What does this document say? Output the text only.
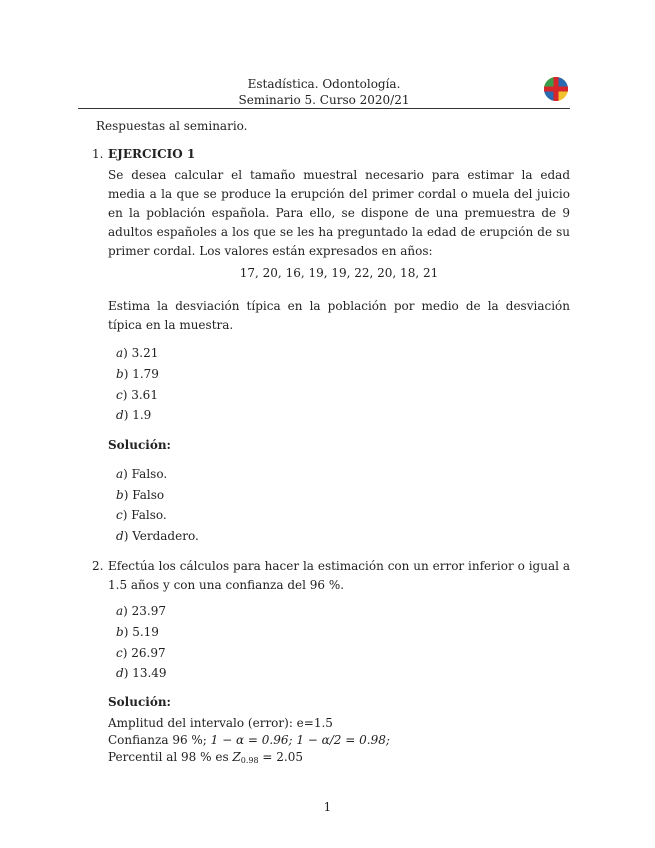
Estadística. Odontología.
Seminario 5. Curso 2020/21
Respuestas al seminario.
1. EJERCICIO 1
Se desea calcular el tamaño muestral necesario para estimar la edad media a la que se produce la erupción del primer cordal o muela del juicio en la población española. Para ello, se dispone de una premuestra de 9 adultos españoles a los que se les ha preguntado la edad de erupción de su primer cordal. Los valores están expresados en años:
17, 20, 16, 19, 19, 22, 20, 18, 21
Estima la desviación típica en la población por medio de la desviación típica en la muestra.
a) 3.21
b) 1.79
c) 3.61
d) 1.9
Solución:
a) Falso.
b) Falso
c) Falso.
d) Verdadero.
2. Efectúa los cálculos para hacer la estimación con un error inferior o igual a 1.5 años y con una confianza del 96 %.
a) 23.97
b) 5.19
c) 26.97
d) 13.49
Solución:
Amplitud del intervalo (error): e=1.5
Confianza 96 %; 1 − α = 0.96; 1 − α/2 = 0.98;
Percentil al 98 % es $Z_{0.98} = 2.05$
1
